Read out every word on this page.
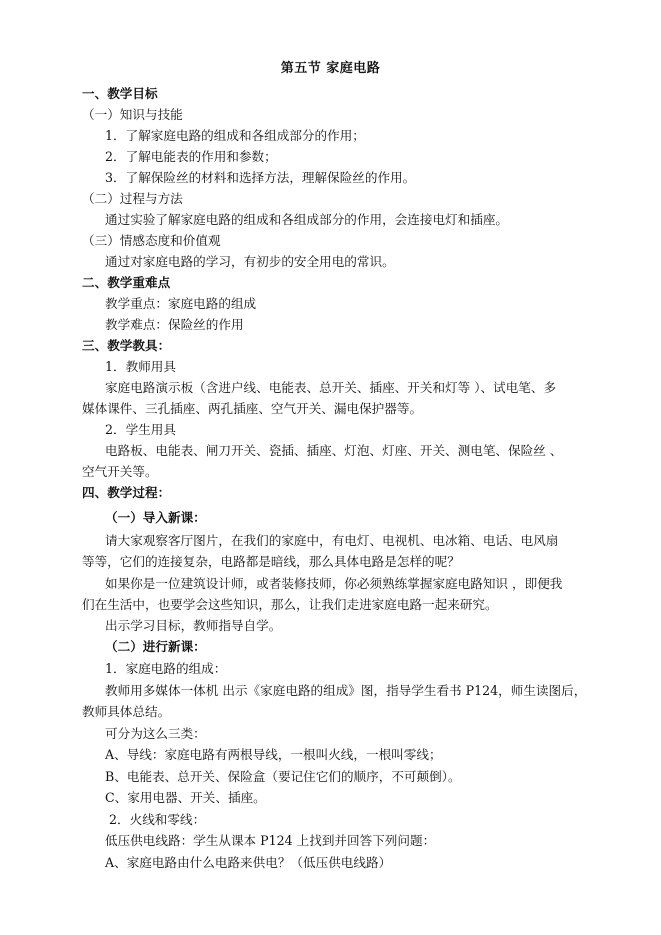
第五节 家庭电路
一、教学目标
（一）知识与技能
1．了解家庭电路的组成和各组成部分的作用；
2．了解电能表的作用和参数；
3．了解保险丝的材料和选择方法，理解保险丝的作用。
（二）过程与方法
通过实验了解家庭电路的组成和各组成部分的作用，会连接电灯和插座。
（三）情感态度和价值观
通过对家庭电路的学习，有初步的安全用电的常识。
二、教学重难点
教学重点：家庭电路的组成
教学难点：保险丝的作用
三、教学教具：
1．教师用具
家庭电路演示板（含进户线、电能表、总开关、插座、开关和灯等 ）、试电笔、多
媒体课件、三孔插座、两孔插座、空气开关、漏电保护器等。
2．学生用具
电路板、电能表、闸刀开关、瓷插、插座、灯泡、灯座、开关、测电笔、保险丝 、
空气开关等。
四、教学过程：
（一）导入新课：
请大家观察客厅图片，在我们的家庭中，有电灯、电视机、电冰箱、电话、电风扇
等等，它们的连接复杂，电路都是暗线，那么具体电路是怎样的呢？
如果你是一位建筑设计师，或者装修技师，你必须熟练掌握家庭电路知识 ，即便我
们在生活中，也要学会这些知识，那么，让我们走进家庭电路一起来研究。
出示学习目标，教师指导自学。
（二）进行新课：
1．家庭电路的组成：
教师用多媒体一体机 出示《家庭电路的组成》图，指导学生看书 P124，师生读图后，
教师具体总结。
可分为这么三类：
A、导线：家庭电路有两根导线，一根叫火线，一根叫零线；
B、电能表、总开关、保险盒（要记住它们的顺序，不可颠倒）。
C、家用电器、开关、插座。
2．火线和零线：
低压供电线路：学生从课本 P124 上找到并回答下列问题：
A、家庭电路由什么电路来供电？（低压供电线路）
